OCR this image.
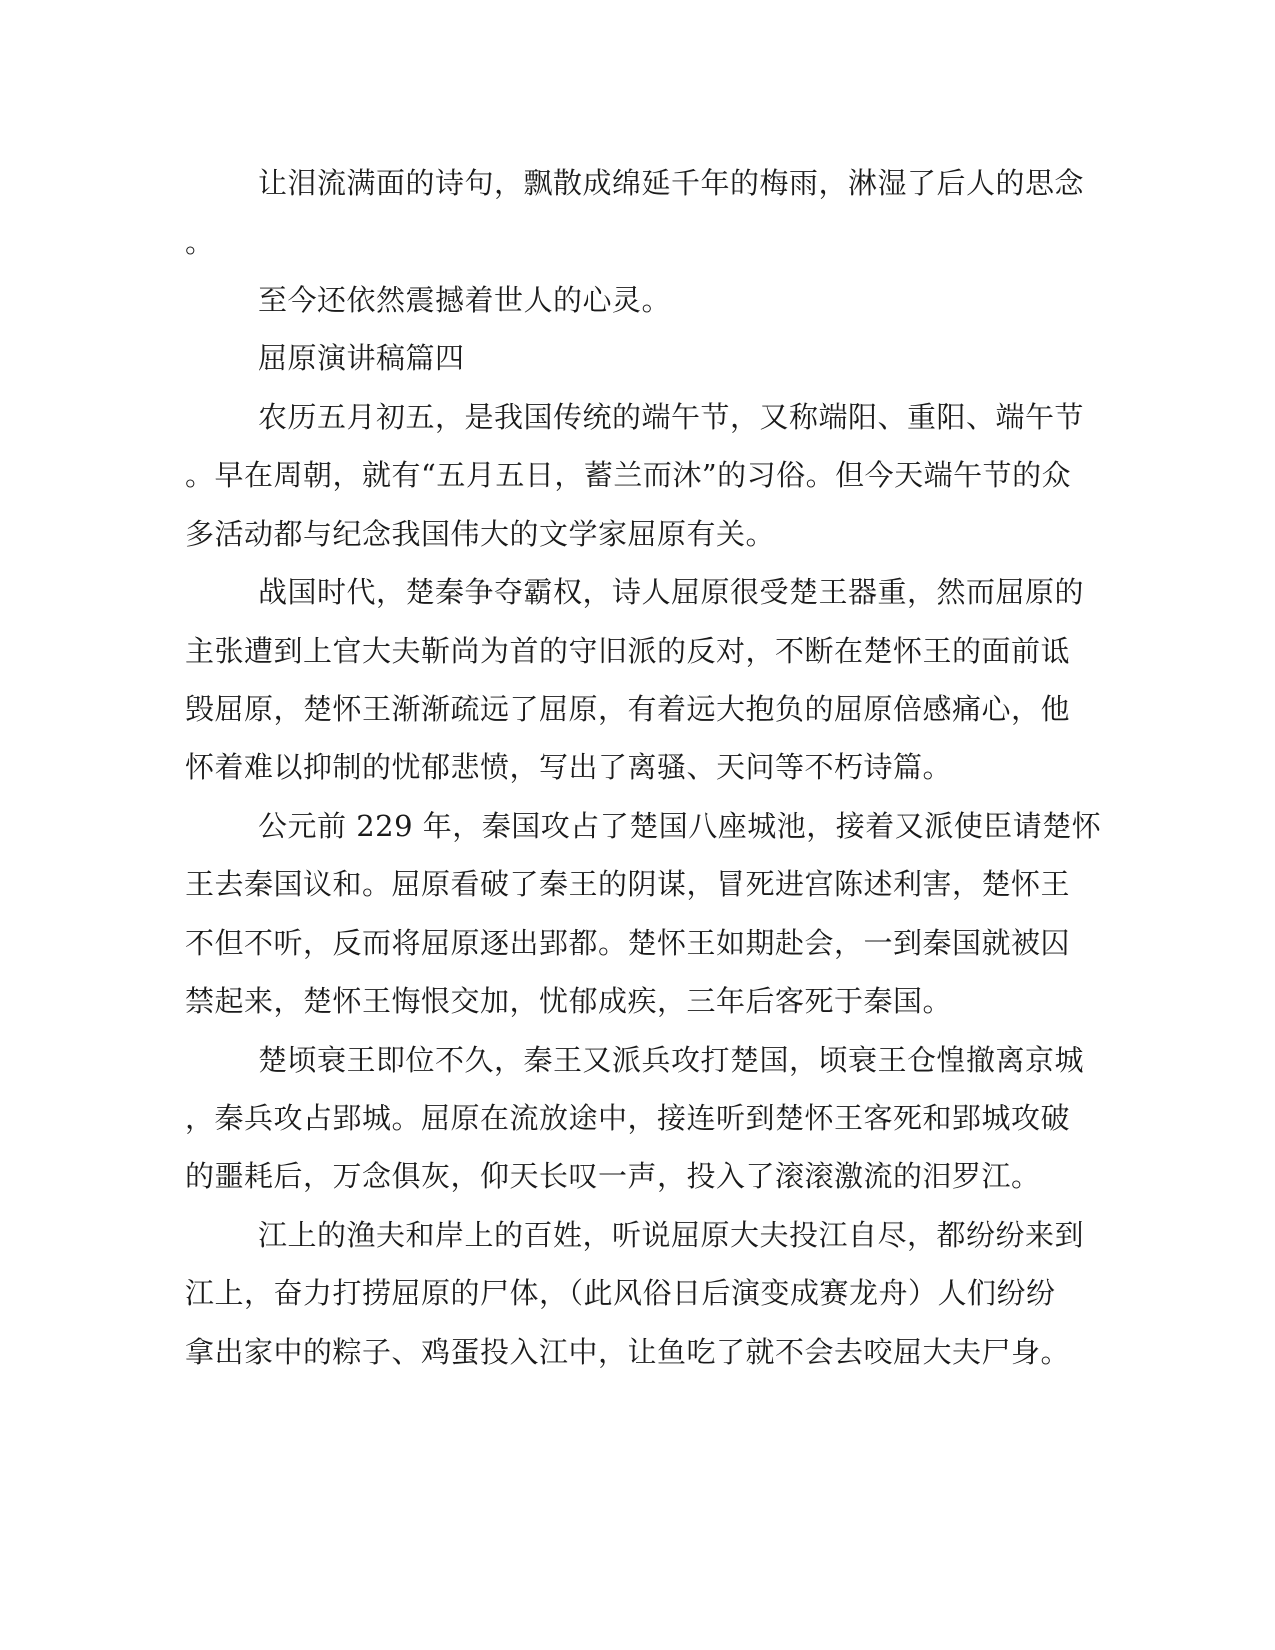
让泪流满面的诗句，飘散成绵延千年的梅雨，淋湿了后人的思念
。
至今还依然震撼着世人的心灵。
屈原演讲稿篇四
农历五月初五，是我国传统的端午节，又称端阳、重阳、端午节
。早在周朝，就有“五月五日，蓄兰而沐”的习俗。但今天端午节的众
多活动都与纪念我国伟大的文学家屈原有关。
战国时代，楚秦争夺霸权，诗人屈原很受楚王器重，然而屈原的
主张遭到上官大夫靳尚为首的守旧派的反对，不断在楚怀王的面前诋
毁屈原，楚怀王渐渐疏远了屈原，有着远大抱负的屈原倍感痛心，他
怀着难以抑制的忧郁悲愤，写出了离骚、天问等不朽诗篇。
公元前 229 年，秦国攻占了楚国八座城池，接着又派使臣请楚怀
王去秦国议和。屈原看破了秦王的阴谋，冒死进宫陈述利害，楚怀王
不但不听，反而将屈原逐出郢都。楚怀王如期赴会，一到秦国就被囚
禁起来，楚怀王悔恨交加，忧郁成疾，三年后客死于秦国。
楚顷衰王即位不久，秦王又派兵攻打楚国，顷衰王仓惶撤离京城
，秦兵攻占郢城。屈原在流放途中，接连听到楚怀王客死和郢城攻破
的噩耗后，万念俱灰，仰天长叹一声，投入了滚滚激流的汨罗江。
江上的渔夫和岸上的百姓，听说屈原大夫投江自尽，都纷纷来到
江上，奋力打捞屈原的尸体，（此风俗日后演变成赛龙舟）人们纷纷
拿出家中的粽子、鸡蛋投入江中，让鱼吃了就不会去咬屈大夫尸身。
